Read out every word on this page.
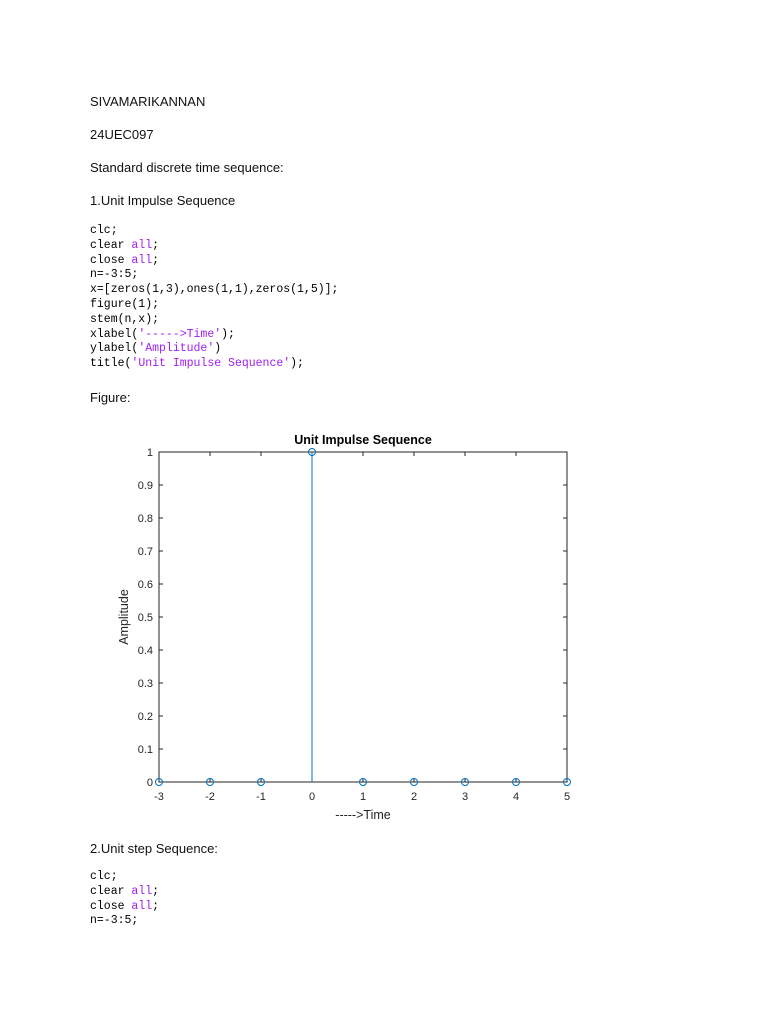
SIVAMARIKANNAN
24UEC097
Standard discrete time sequence:
1.Unit Impulse Sequence
clc;
clear all;
close all;
n=-3:5;
x=[zeros(1,3),ones(1,1),zeros(1,5)];
figure(1);
stem(n,x);
xlabel('----->Time');
ylabel('Amplitude')
title('Unit Impulse Sequence');
Figure:
-3	-2	-1	0	1	2	3	4	5
0
0.1
0.2
0.3
0.4
0.5
0.6
0.7
0.8
0.9
1
Unit Impulse Sequence
----->Time
Amplitude
2.Unit step Sequence:
clc;
clear all;
close all;
n=-3:5;
